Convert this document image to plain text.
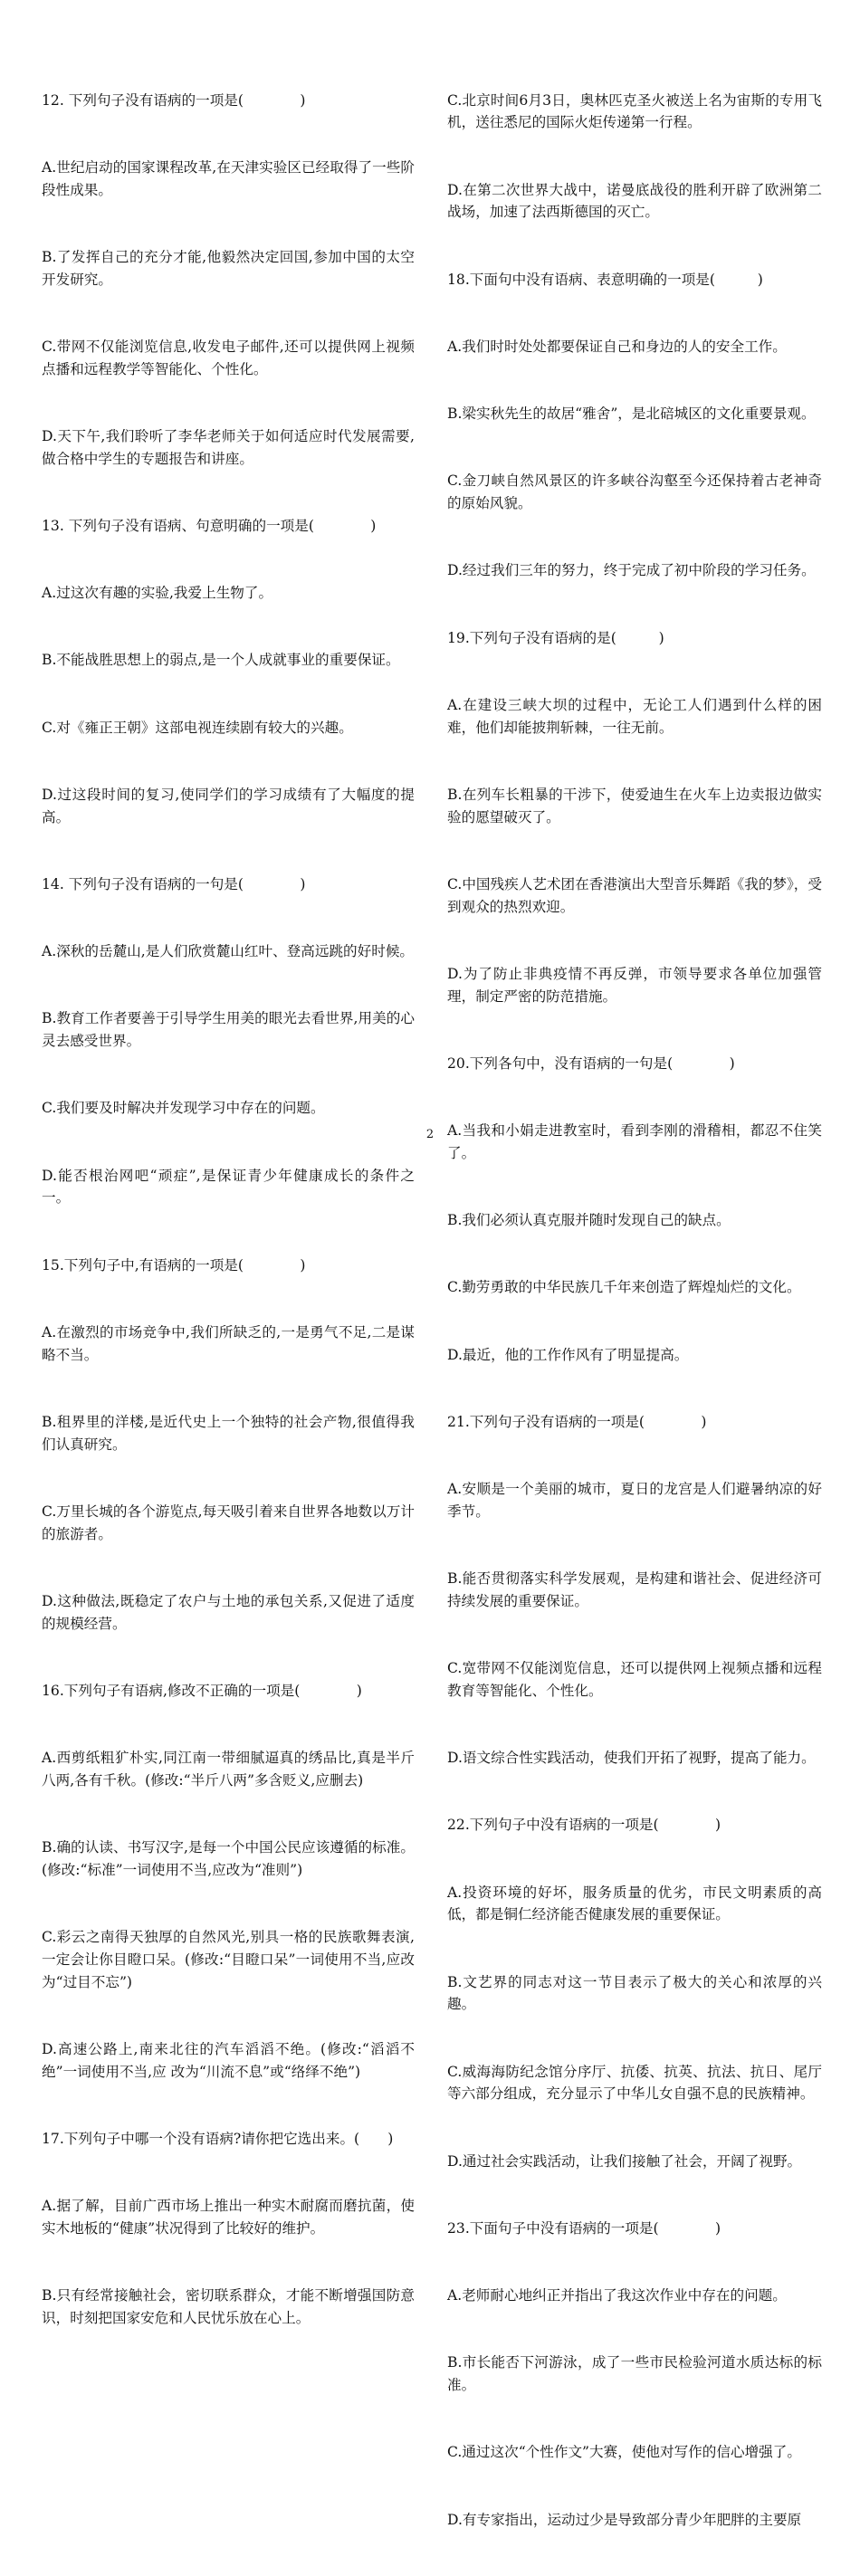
12. 下列句子没有语病的一项是(　　　　)

A.世纪启动的国家课程改革,在天津实验区已经取得了一些阶段性成果。

B.了发挥自己的充分才能,他毅然决定回国,参加中国的太空开发研究。

C.带网不仅能浏览信息,收发电子邮件,还可以提供网上视频点播和远程教学等智能化、个性化。

D.天下午,我们聆听了李华老师关于如何适应时代发展需要,做合格中学生的专题报告和讲座。

13. 下列句子没有语病、句意明确的一项是(　　　　)

A.过这次有趣的实验,我爱上生物了。

B.不能战胜思想上的弱点,是一个人成就事业的重要保证。

C.对《雍正王朝》这部电视连续剧有较大的兴趣。

D.过这段时间的复习,使同学们的学习成绩有了大幅度的提高。

14. 下列句子没有语病的一句是(　　　　)

A.深秋的岳麓山,是人们欣赏麓山红叶、登高远跳的好时候。

B.教育工作者要善于引导学生用美的眼光去看世界,用美的心灵去感受世界。

C.我们要及时解决并发现学习中存在的问题。

D.能否根治网吧“顽症”,是保证青少年健康成长的条件之一。

15.下列句子中,有语病的一项是(　　　　)

A.在激烈的市场竞争中,我们所缺乏的,一是勇气不足,二是谋略不当。

B.租界里的洋楼,是近代史上一个独特的社会产物,很值得我们认真研究。

C.万里长城的各个游览点,每天吸引着来自世界各地数以万计的旅游者。

D.这种做法,既稳定了农户与土地的承包关系,又促进了适度的规模经营。

16.下列句子有语病,修改不正确的一项是(　　　　)

A.西剪纸粗犷朴实,同江南一带细腻逼真的绣品比,真是半斤八两,各有千秋。(修改:“半斤八两”多含贬义,应删去)

B.确的认读、书写汉字,是每一个中国公民应该遵循的标准。(修改:“标准”一词使用不当,应改为“准则”)

C.彩云之南得天独厚的自然风光,别具一格的民族歌舞表演,一定会让你目瞪口呆。(修改:“目瞪口呆”一词使用不当,应改为“过目不忘”)

D.高速公路上,南来北往的汽车滔滔不绝。(修改:“滔滔不绝”一词使用不当,应 改为“川流不息”或“络绎不绝”)

17.下列句子中哪一个没有语病?请你把它选出来。(　　)

A.据了解，目前广西市场上推出一种实木耐腐而磨抗菌，使实木地板的“健康”状况得到了比较好的维护。

B.只有经常接触社会，密切联系群众，才能不断增强国防意识，时刻把国家安危和人民忧乐放在心上。

C.北京时间6月3日，奥林匹克圣火被送上名为宙斯的专用飞机，送往悉尼的国际火炬传递第一行程。

D.在第二次世界大战中，诺曼底战役的胜利开辟了欧洲第二战场，加速了法西斯德国的灭亡。

18.下面句中没有语病、表意明确的一项是(　　　)

A.我们时时处处都要保证自己和身边的人的安全工作。

B.梁实秋先生的故居“雅舍”，是北碚城区的文化重要景观。

C.金刀峡自然风景区的许多峡谷沟壑至今还保持着古老神奇的原始风貌。

D.经过我们三年的努力，终于完成了初中阶段的学习任务。

19.下列句子没有语病的是(　　　)

A.在建设三峡大坝的过程中，无论工人们遇到什么样的困难，他们却能披荆斩棘，一往无前。

B.在列车长粗暴的干涉下，使爱迪生在火车上边卖报边做实验的愿望破灭了。

C.中国残疾人艺术团在香港演出大型音乐舞蹈《我的梦》，受到观众的热烈欢迎。

D.为了防止非典疫情不再反弹，市领导要求各单位加强管理，制定严密的防范措施。

20.下列各句中，没有语病的一句是(　　　　)

A.当我和小娟走进教室时，看到李刚的滑稽相，都忍不住笑了。

B.我们必须认真克服并随时发现自己的缺点。

C.勤劳勇敢的中华民族几千年来创造了辉煌灿烂的文化。

D.最近，他的工作作风有了明显提高。

21.下列句子没有语病的一项是(　　　　)

A.安顺是一个美丽的城市，夏日的龙宫是人们避暑纳凉的好季节。

B.能否贯彻落实科学发展观，是构建和谐社会、促进经济可持续发展的重要保证。

C.宽带网不仅能浏览信息，还可以提供网上视频点播和远程教育等智能化、个性化。

D.语文综合性实践活动，使我们开拓了视野，提高了能力。

22.下列句子中没有语病的一项是(　　　　)

A.投资环境的好坏，服务质量的优劣，市民文明素质的高低，都是铜仁经济能否健康发展的重要保证。

B.文艺界的同志对这一节目表示了极大的关心和浓厚的兴趣。

C.威海海防纪念馆分序厅、抗倭、抗英、抗法、抗日、尾厅等六部分组成，充分显示了中华儿女自强不息的民族精神。

D.通过社会实践活动，让我们接触了社会，开阔了视野。

23.下面句子中没有语病的一项是(　　　　)

A.老师耐心地纠正并指出了我这次作业中存在的问题。

B.市长能否下河游泳，成了一些市民检验河道水质达标的标准。

C.通过这次“个性作文”大赛，使他对写作的信心增强了。

D.有专家指出，运动过少是导致部分青少年肥胖的主要原

2
